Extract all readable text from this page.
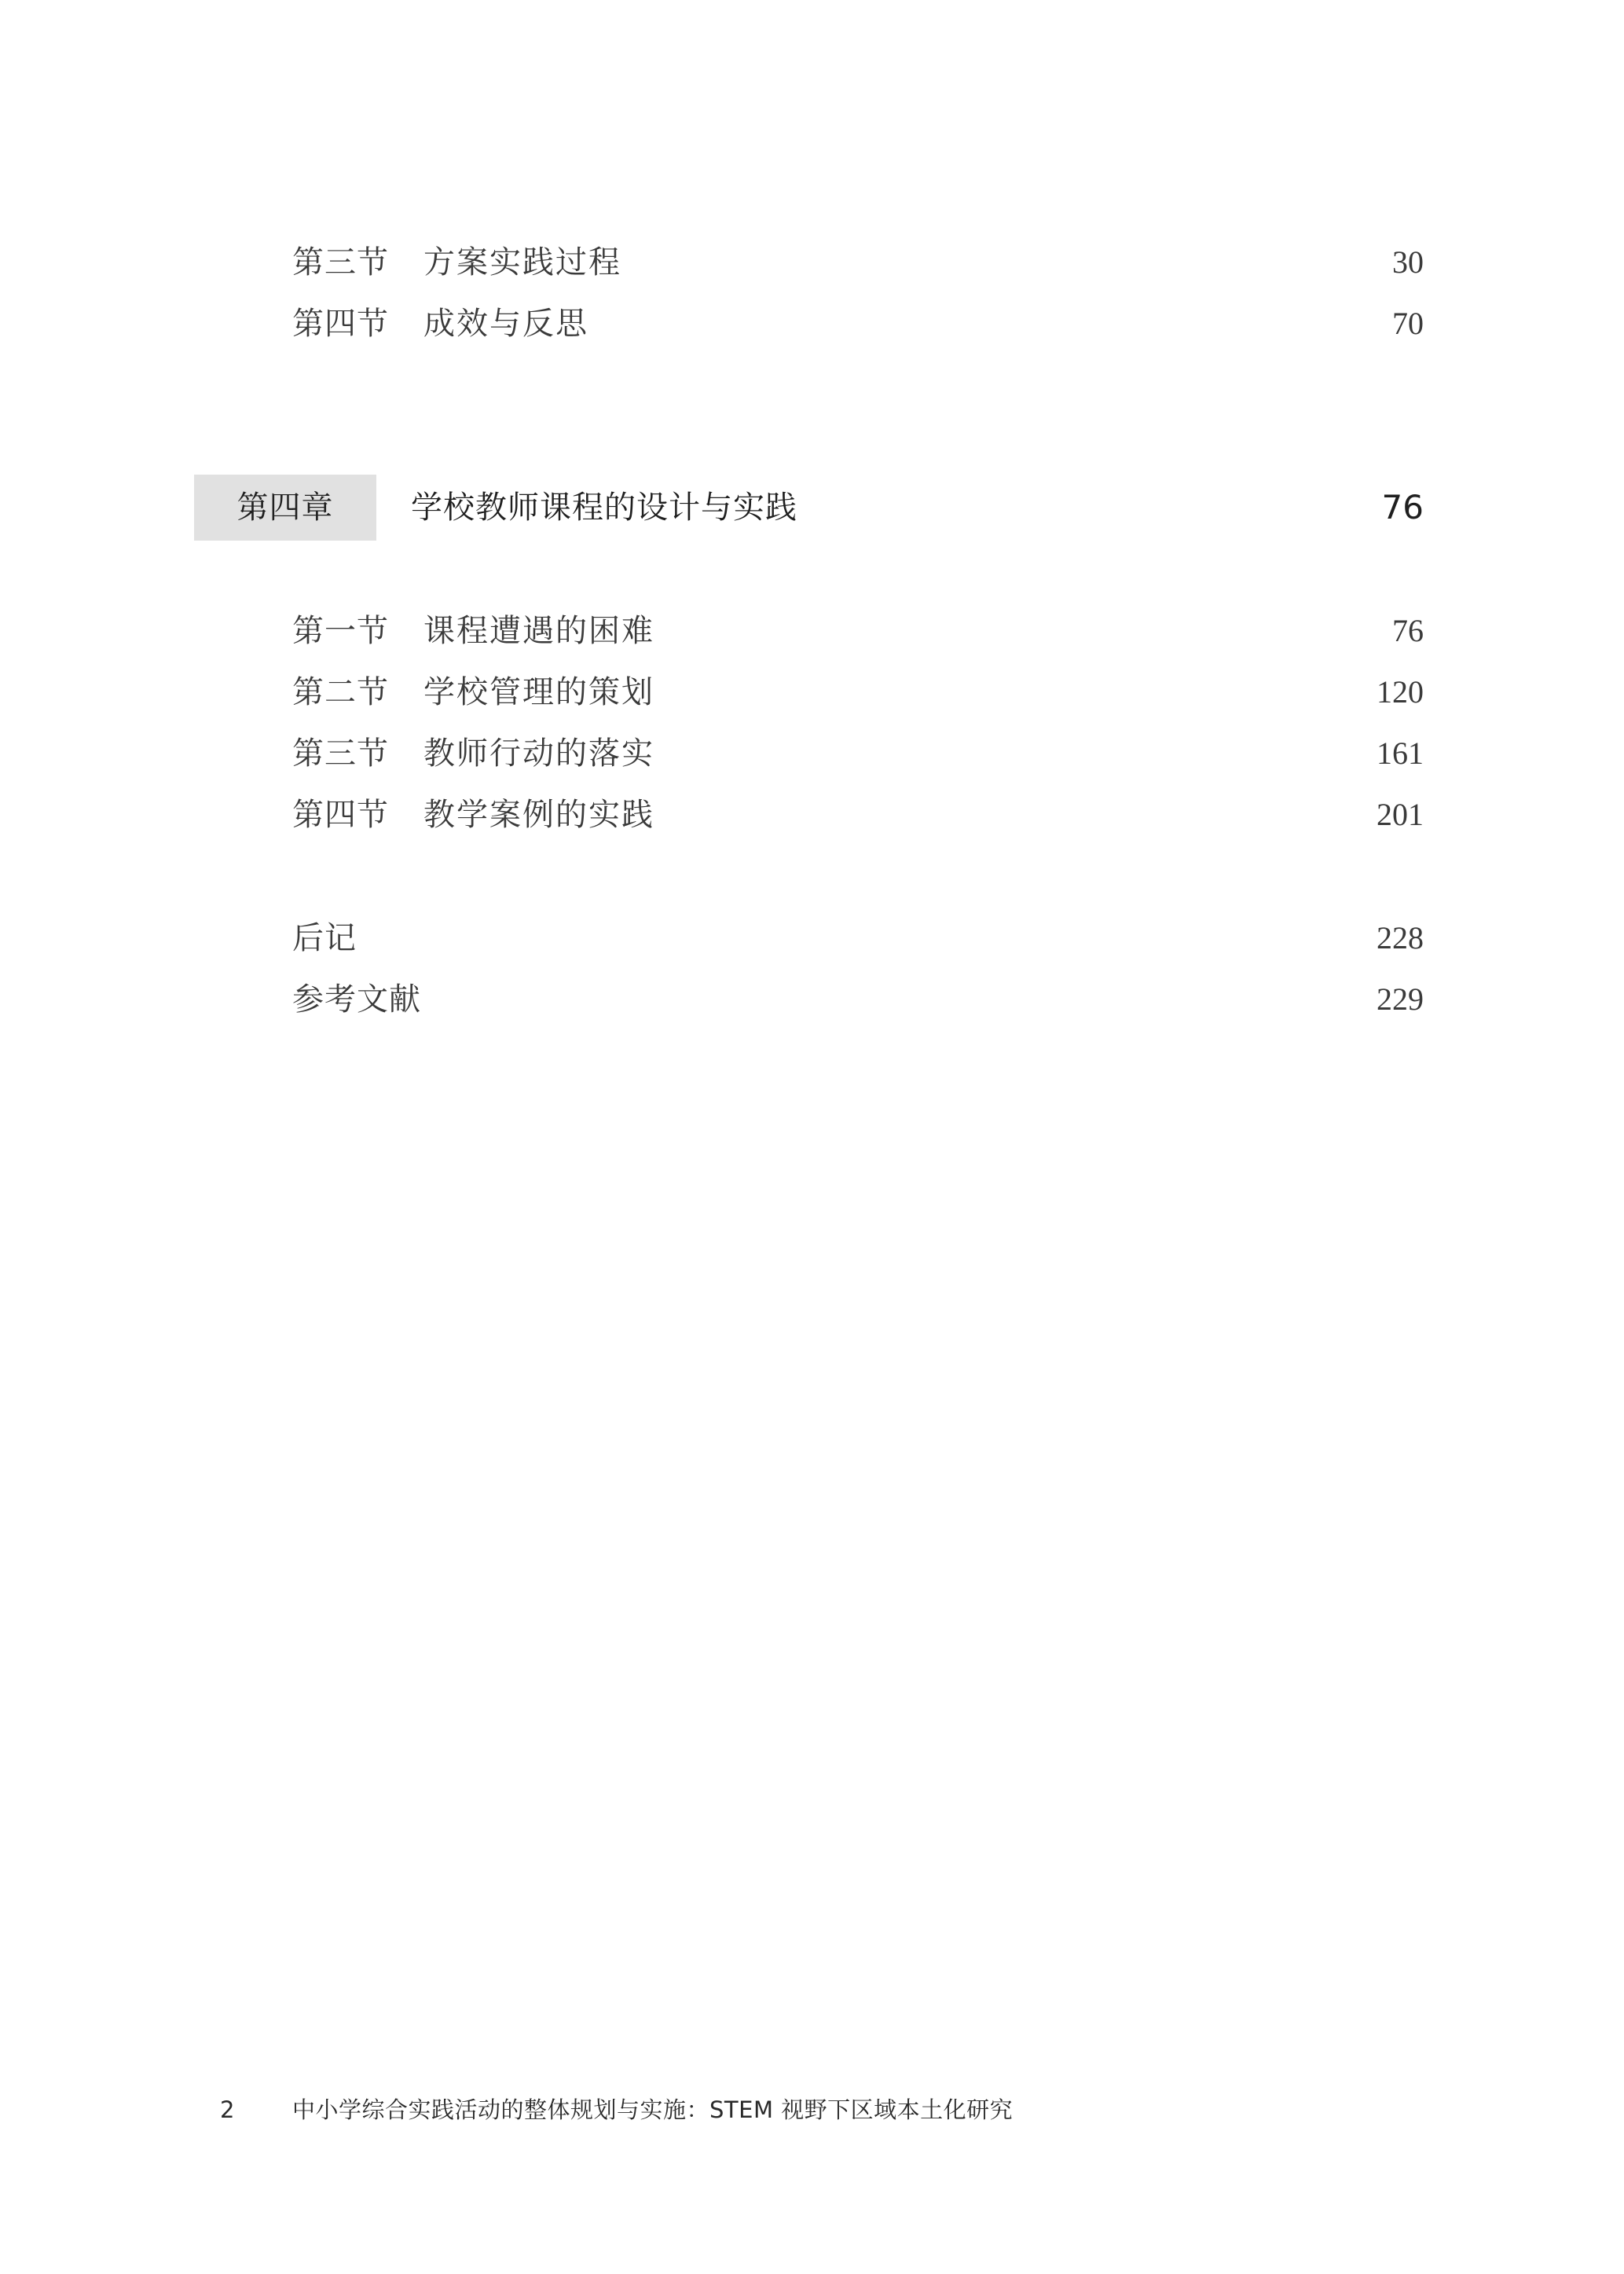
第三节 方案实践过程	30
第四节 成效与反思	70
第四章	学校教师课程的设计与实践	76
第一节 课程遭遇的困难	76
第二节 学校管理的策划	120
第三节 教师行动的落实	161
第四节 教学案例的实践	201
后记	228
参考文献	229
2	中小学综合实践活动的整体规划与实施：STEM 视野下区域本土化研究
